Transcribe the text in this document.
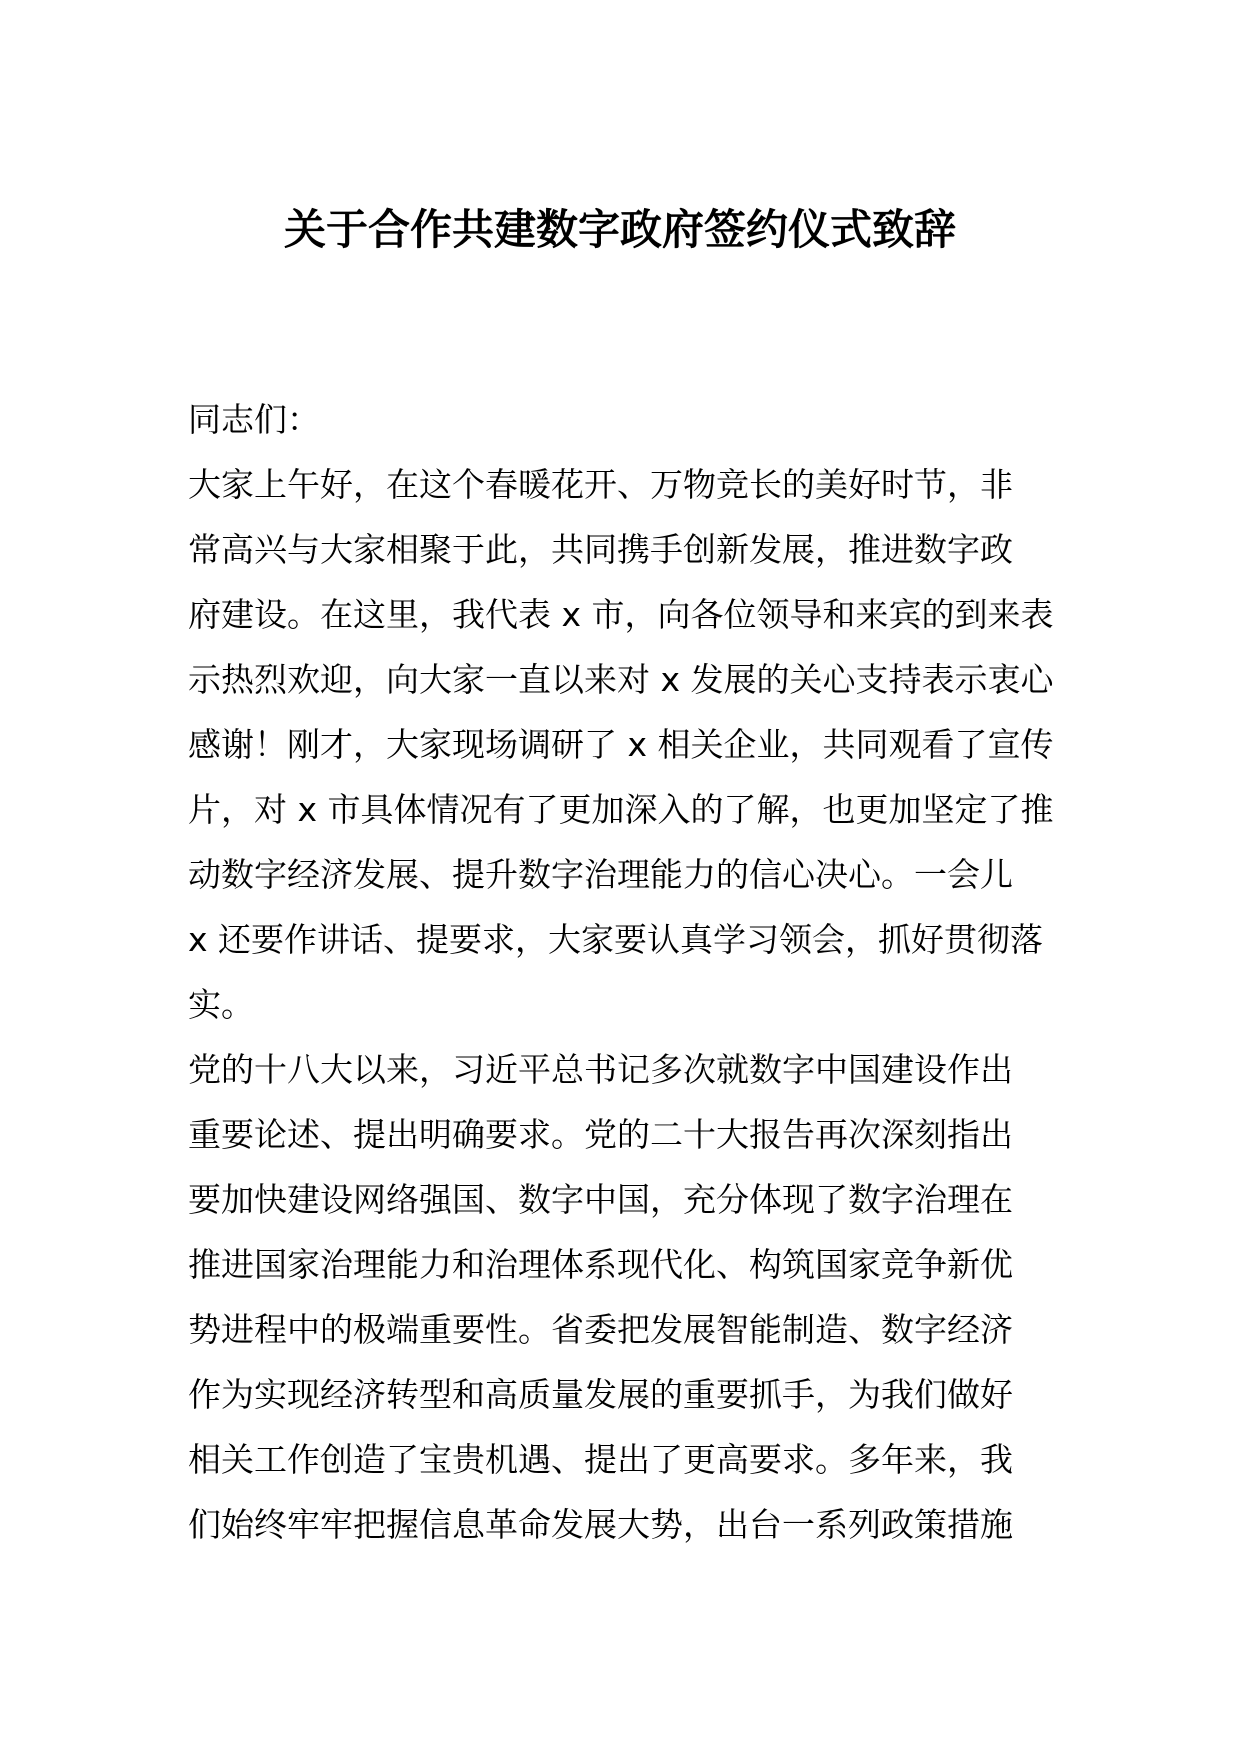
关于合作共建数字政府签约仪式致辞
同志们：
大家上午好，在这个春暖花开、万物竞长的美好时节，非
常高兴与大家相聚于此，共同携手创新发展，推进数字政
府建设。在这里，我代表 x 市，向各位领导和来宾的到来表
示热烈欢迎，向大家一直以来对 x 发展的关心支持表示衷心
感谢！刚才，大家现场调研了 x 相关企业，共同观看了宣传
片，对 x 市具体情况有了更加深入的了解，也更加坚定了推
动数字经济发展、提升数字治理能力的信心决心。一会儿
x 还要作讲话、提要求，大家要认真学习领会，抓好贯彻落
实。
党的十八大以来，习近平总书记多次就数字中国建设作出
重要论述、提出明确要求。党的二十大报告再次深刻指出
要加快建设网络强国、数字中国，充分体现了数字治理在
推进国家治理能力和治理体系现代化、构筑国家竞争新优
势进程中的极端重要性。省委把发展智能制造、数字经济
作为实现经济转型和高质量发展的重要抓手，为我们做好
相关工作创造了宝贵机遇、提出了更高要求。多年来，我
们始终牢牢把握信息革命发展大势，出台一系列政策措施
